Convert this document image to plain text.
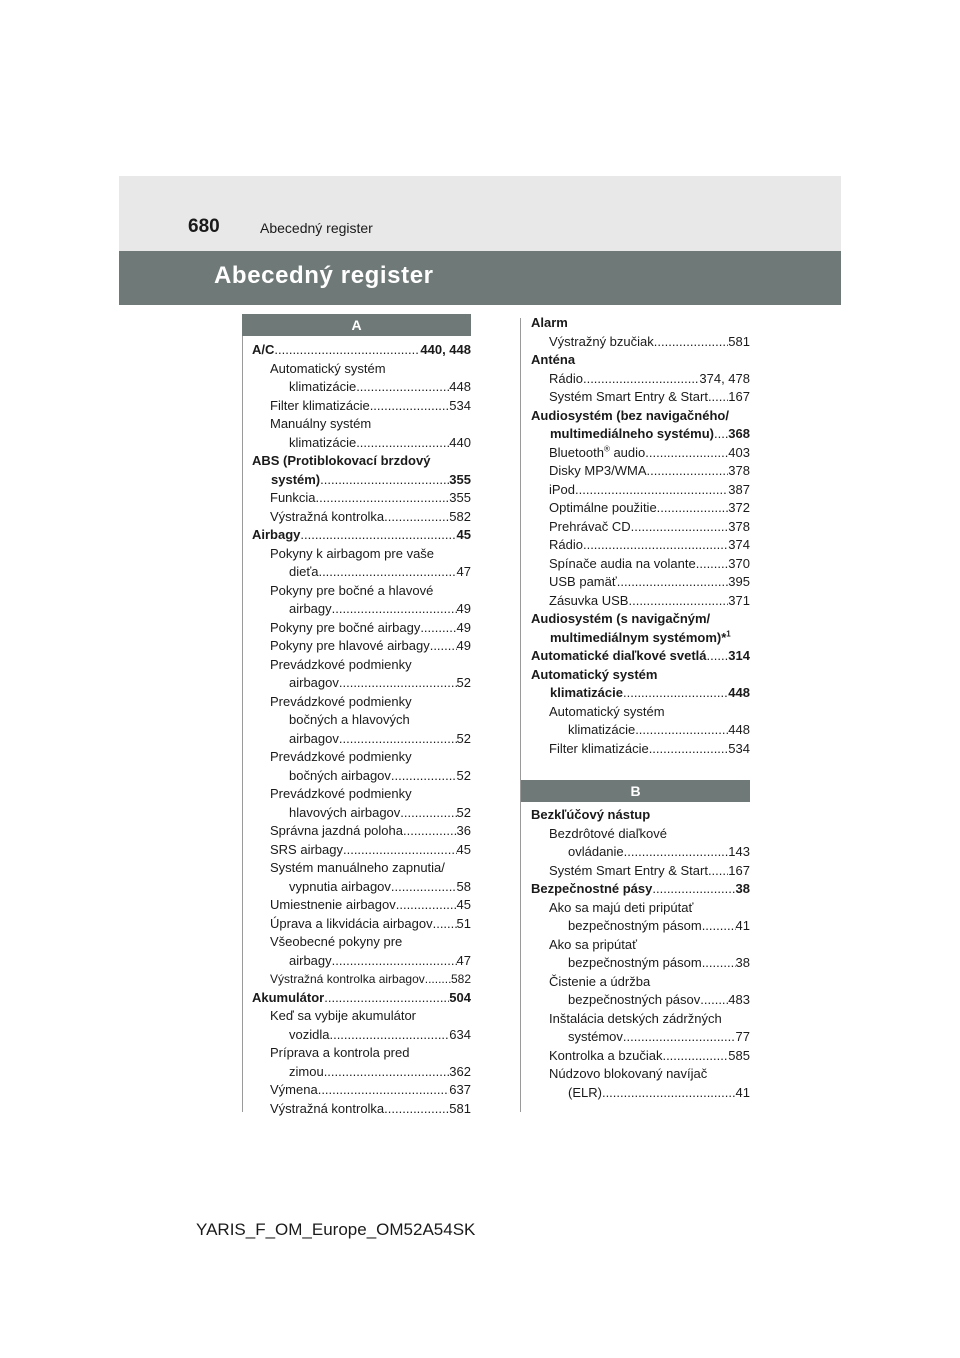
680	Abecedný register
Abecedný register
A
A/C .....	440, 448
Automatický systém
klimatizácie .....	448
Filter klimatizácie .....	534
Manuálny systém
klimatizácie .....	440
ABS (Protiblokovací brzdový
systém) .....	355
Funkcia .....	355
Výstražná kontrolka .....	582
Airbagy .....	45
Pokyny k airbagom pre vaše
dieťa .....	47
Pokyny pre bočné a hlavové
airbagy .....	49
Pokyny pre bočné airbagy .....	49
Pokyny pre hlavové airbagy ..... 49
Prevádzkové podmienky
airbagov .....	52
Prevádzkové podmienky
bočných a hlavových
airbagov .....	52
Prevádzkové podmienky
bočných airbagov .....	52
Prevádzkové podmienky
hlavových airbagov .....	52
Správna jazdná poloha .....	36
SRS airbagy .....	45
Systém manuálneho zapnutia/
vypnutia airbagov .....	58
Umiestnenie airbagov .....	45
Úprava a likvidácia airbagov ..... 51
Všeobecné pokyny pre
airbagy .....	47
Výstražná kontrolka airbagov ..... 582
Akumulátor .....	504
Keď sa vybije akumulátor
vozidla .....	634
Príprava a kontrola pred
zimou .....	362
Výmena .....	637
Výstražná kontrolka .....	581
Alarm
Výstražný bzučiak .....	581
Anténa
Rádio .....	374, 478
Systém Smart Entry & Start ..... 167
Audiosystém (bez navigačného/
multimediálneho systému) ..... 368
Bluetooth® audio .....	403
Disky MP3/WMA .....	378
iPod .....	387
Optimálne použitie .....	372
Prehrávač CD .....	378
Rádio .....	374
Spínače audia na volante .....	370
USB pamäť .....	395
Zásuvka USB .....	371
Audiosystém (s navigačným/
multimediálnym systémom)*$^1$
Automatické diaľkové svetlá ..... 314
Automatický systém
klimatizácie .....	448
Automatický systém
klimatizácie .....	448
Filter klimatizácie .....	534
B
Bezkľúčový nástup
Bezdrôtové diaľkové
ovládanie .....	143
Systém Smart Entry & Start ..... 167
Bezpečnostné pásy .....	38
Ako sa majú deti pripútať
bezpečnostným pásom .....	41
Ako sa pripútať
bezpečnostným pásom .....	38
Čistenie a údržba
bezpečnostných pásov ..... 483
Inštalácia detských zádržných
systémov .....	77
Kontrolka a bzučiak .....	585
Núdzovo blokovaný navíjač
(ELR) .....	41
YARIS_F_OM_Europe_OM52A54SK
